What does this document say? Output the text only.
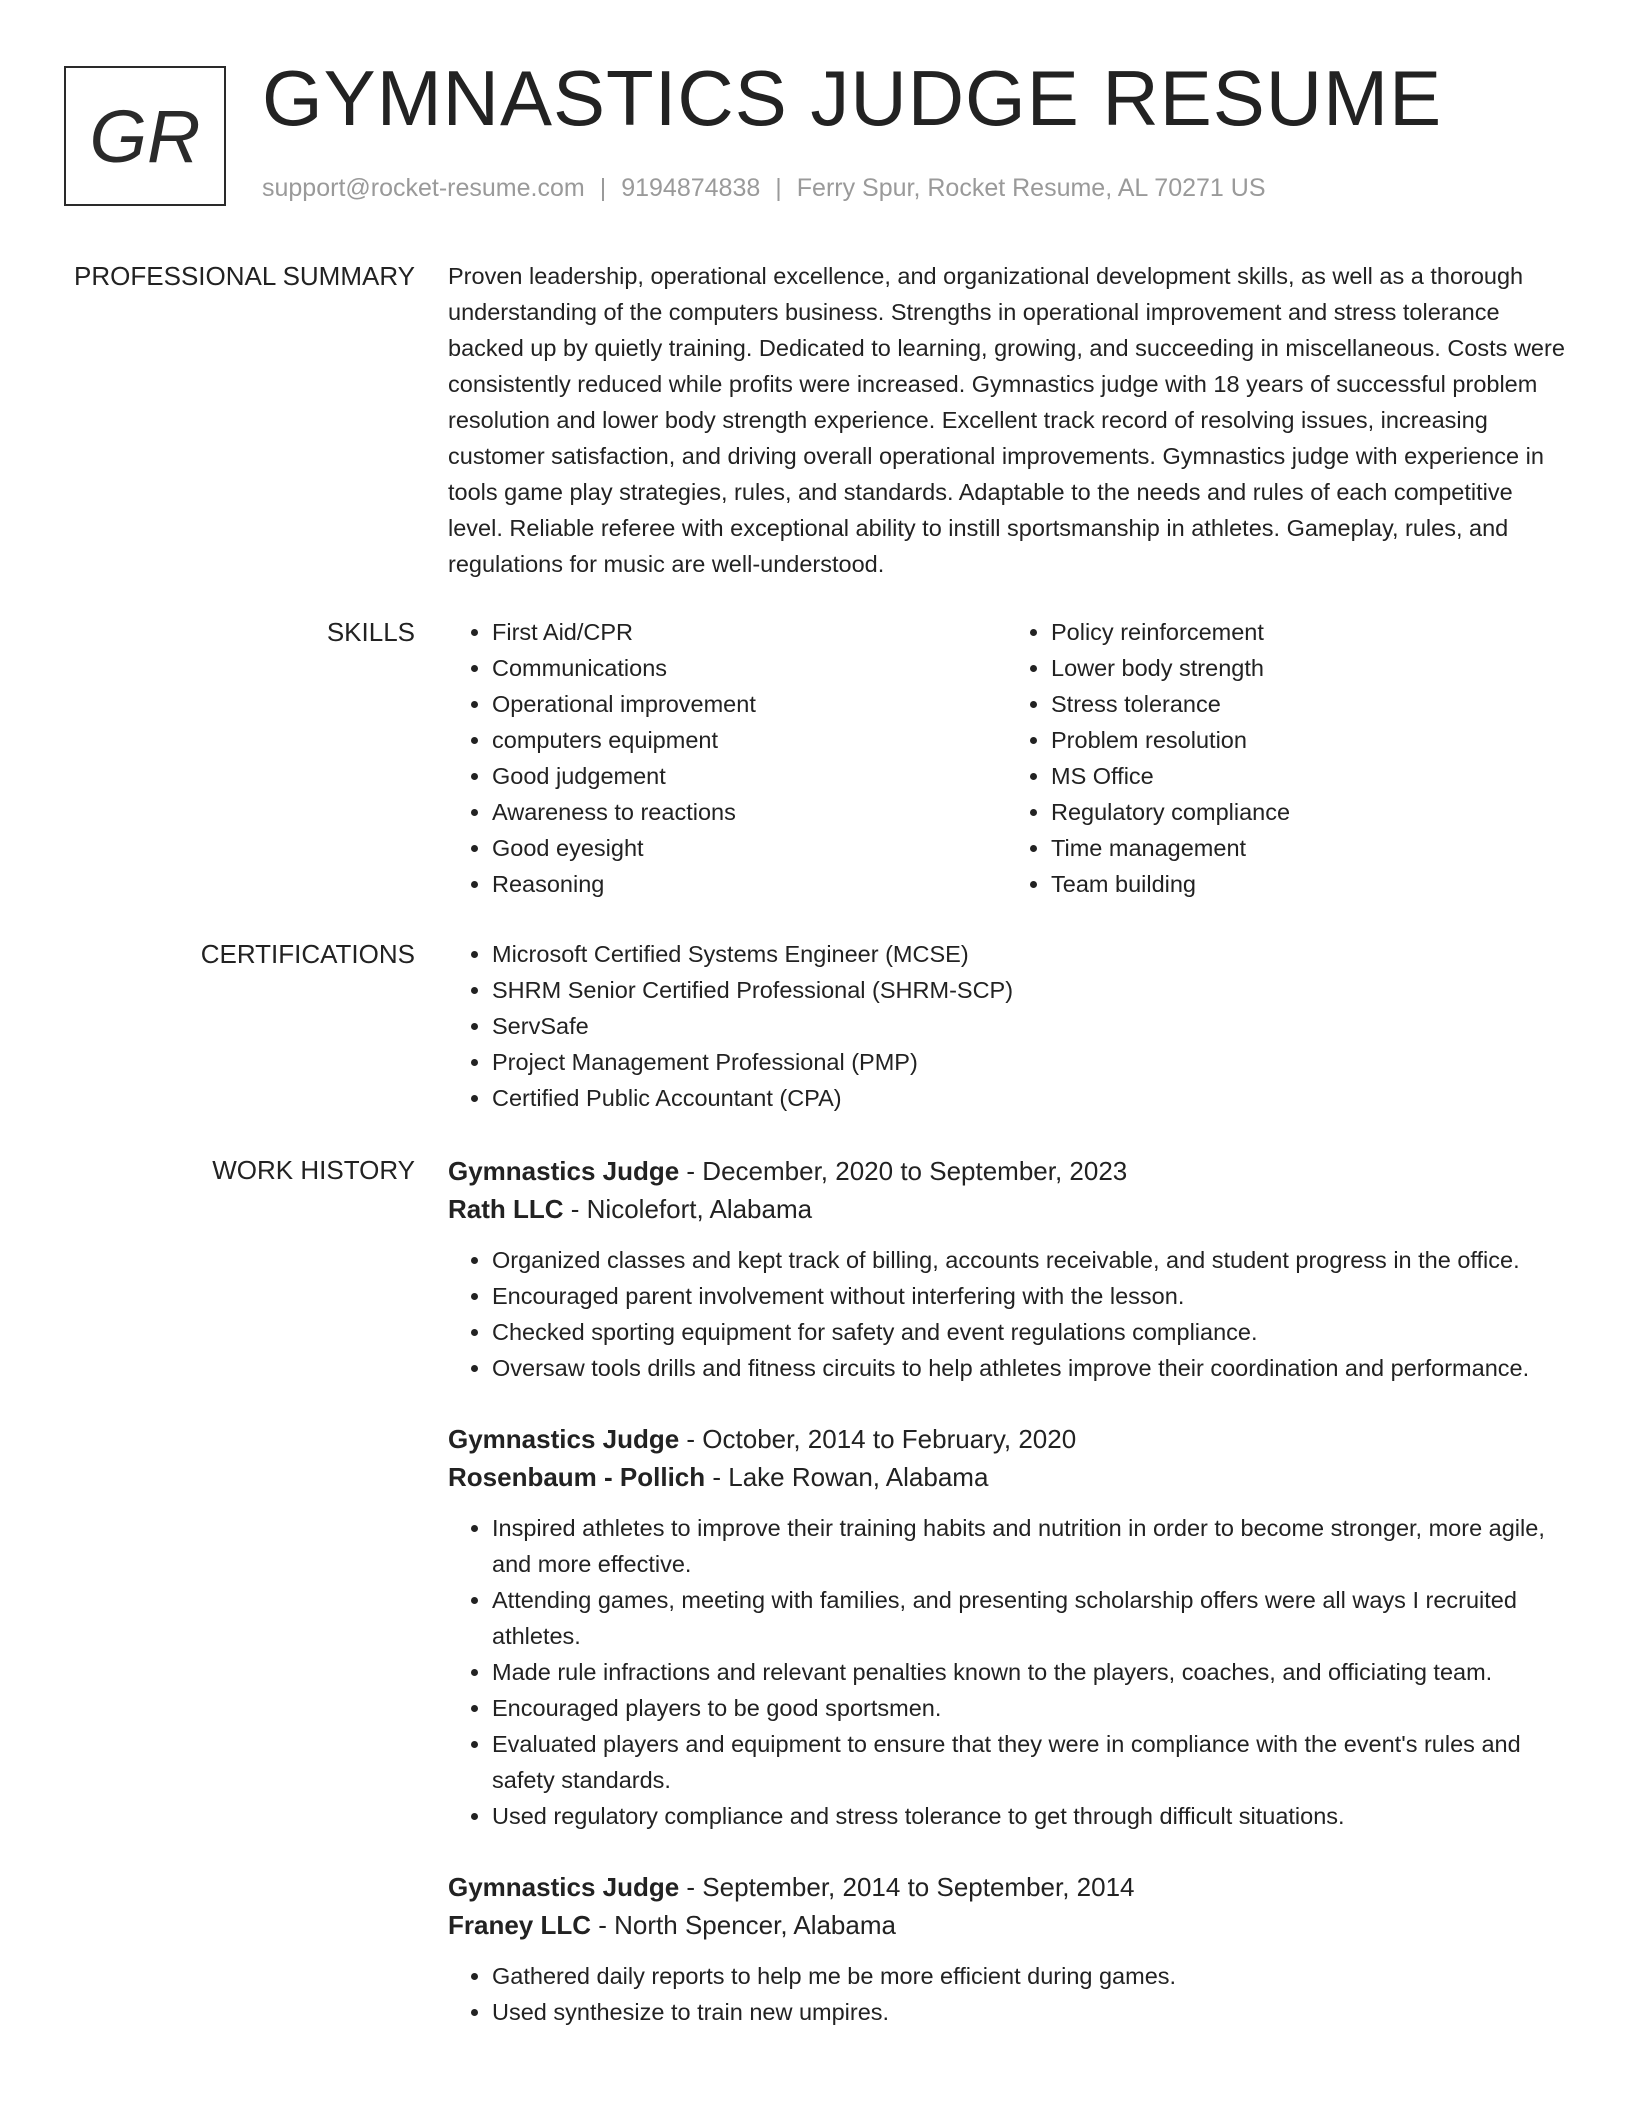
GR GYMNASTICS JUDGE RESUME
support@rocket-resume.com | 9194874838 | Ferry Spur, Rocket Resume, AL 70271 US
PROFESSIONAL SUMMARY Proven leadership, operational excellence, and organizational development skills, as well as a thorough understanding of the computers business. Strengths in operational improvement and stress tolerance backed up by quietly training. Dedicated to learning, growing, and succeeding in miscellaneous. Costs were consistently reduced while profits were increased. Gymnastics judge with 18 years of successful problem resolution and lower body strength experience. Excellent track record of resolving issues, increasing customer satisfaction, and driving overall operational improvements. Gymnastics judge with experience in tools game play strategies, rules, and standards. Adaptable to the needs and rules of each competitive level. Reliable referee with exceptional ability to instill sportsmanship in athletes. Gameplay, rules, and regulations for music are well-understood.

SKILLS	• First Aid/CPR
• Communications
• Operational improvement
• computers equipment
• Good judgement
• Awareness to reactions
• Good eyesight
• Reasoning
• Policy reinforcement
• Lower body strength
• Stress tolerance
• Problem resolution
• MS Office
• Regulatory compliance
• Time management
• Team building
CERTIFICATIONS	• Microsoft Certified Systems Engineer (MCSE)
• SHRM Senior Certified Professional (SHRM-SCP)
• ServSafe
• Project Management Professional (PMP)
• Certified Public Accountant (CPA)
WORK HISTORY Gymnastics Judge - December, 2020 to September, 2023
Rath LLC - Nicolefort, Alabama
• Organized classes and kept track of billing, accounts receivable, and student progress in the office.
• Encouraged parent involvement without interfering with the lesson.
• Checked sporting equipment for safety and event regulations compliance.
• Oversaw tools drills and fitness circuits to help athletes improve their coordination and performance.
Gymnastics Judge - October, 2014 to February, 2020
Rosenbaum - Pollich - Lake Rowan, Alabama
• Inspired athletes to improve their training habits and nutrition in order to become stronger, more agile, and more effective.
• Attending games, meeting with families, and presenting scholarship offers were all ways I recruited athletes.
• Made rule infractions and relevant penalties known to the players, coaches, and officiating team.
• Encouraged players to be good sportsmen.
• Evaluated players and equipment to ensure that they were in compliance with the event's rules and safety standards.
• Used regulatory compliance and stress tolerance to get through difficult situations.
Gymnastics Judge - September, 2014 to September, 2014
Franey LLC - North Spencer, Alabama
• Gathered daily reports to help me be more efficient during games.
• Used synthesize to train new umpires.
